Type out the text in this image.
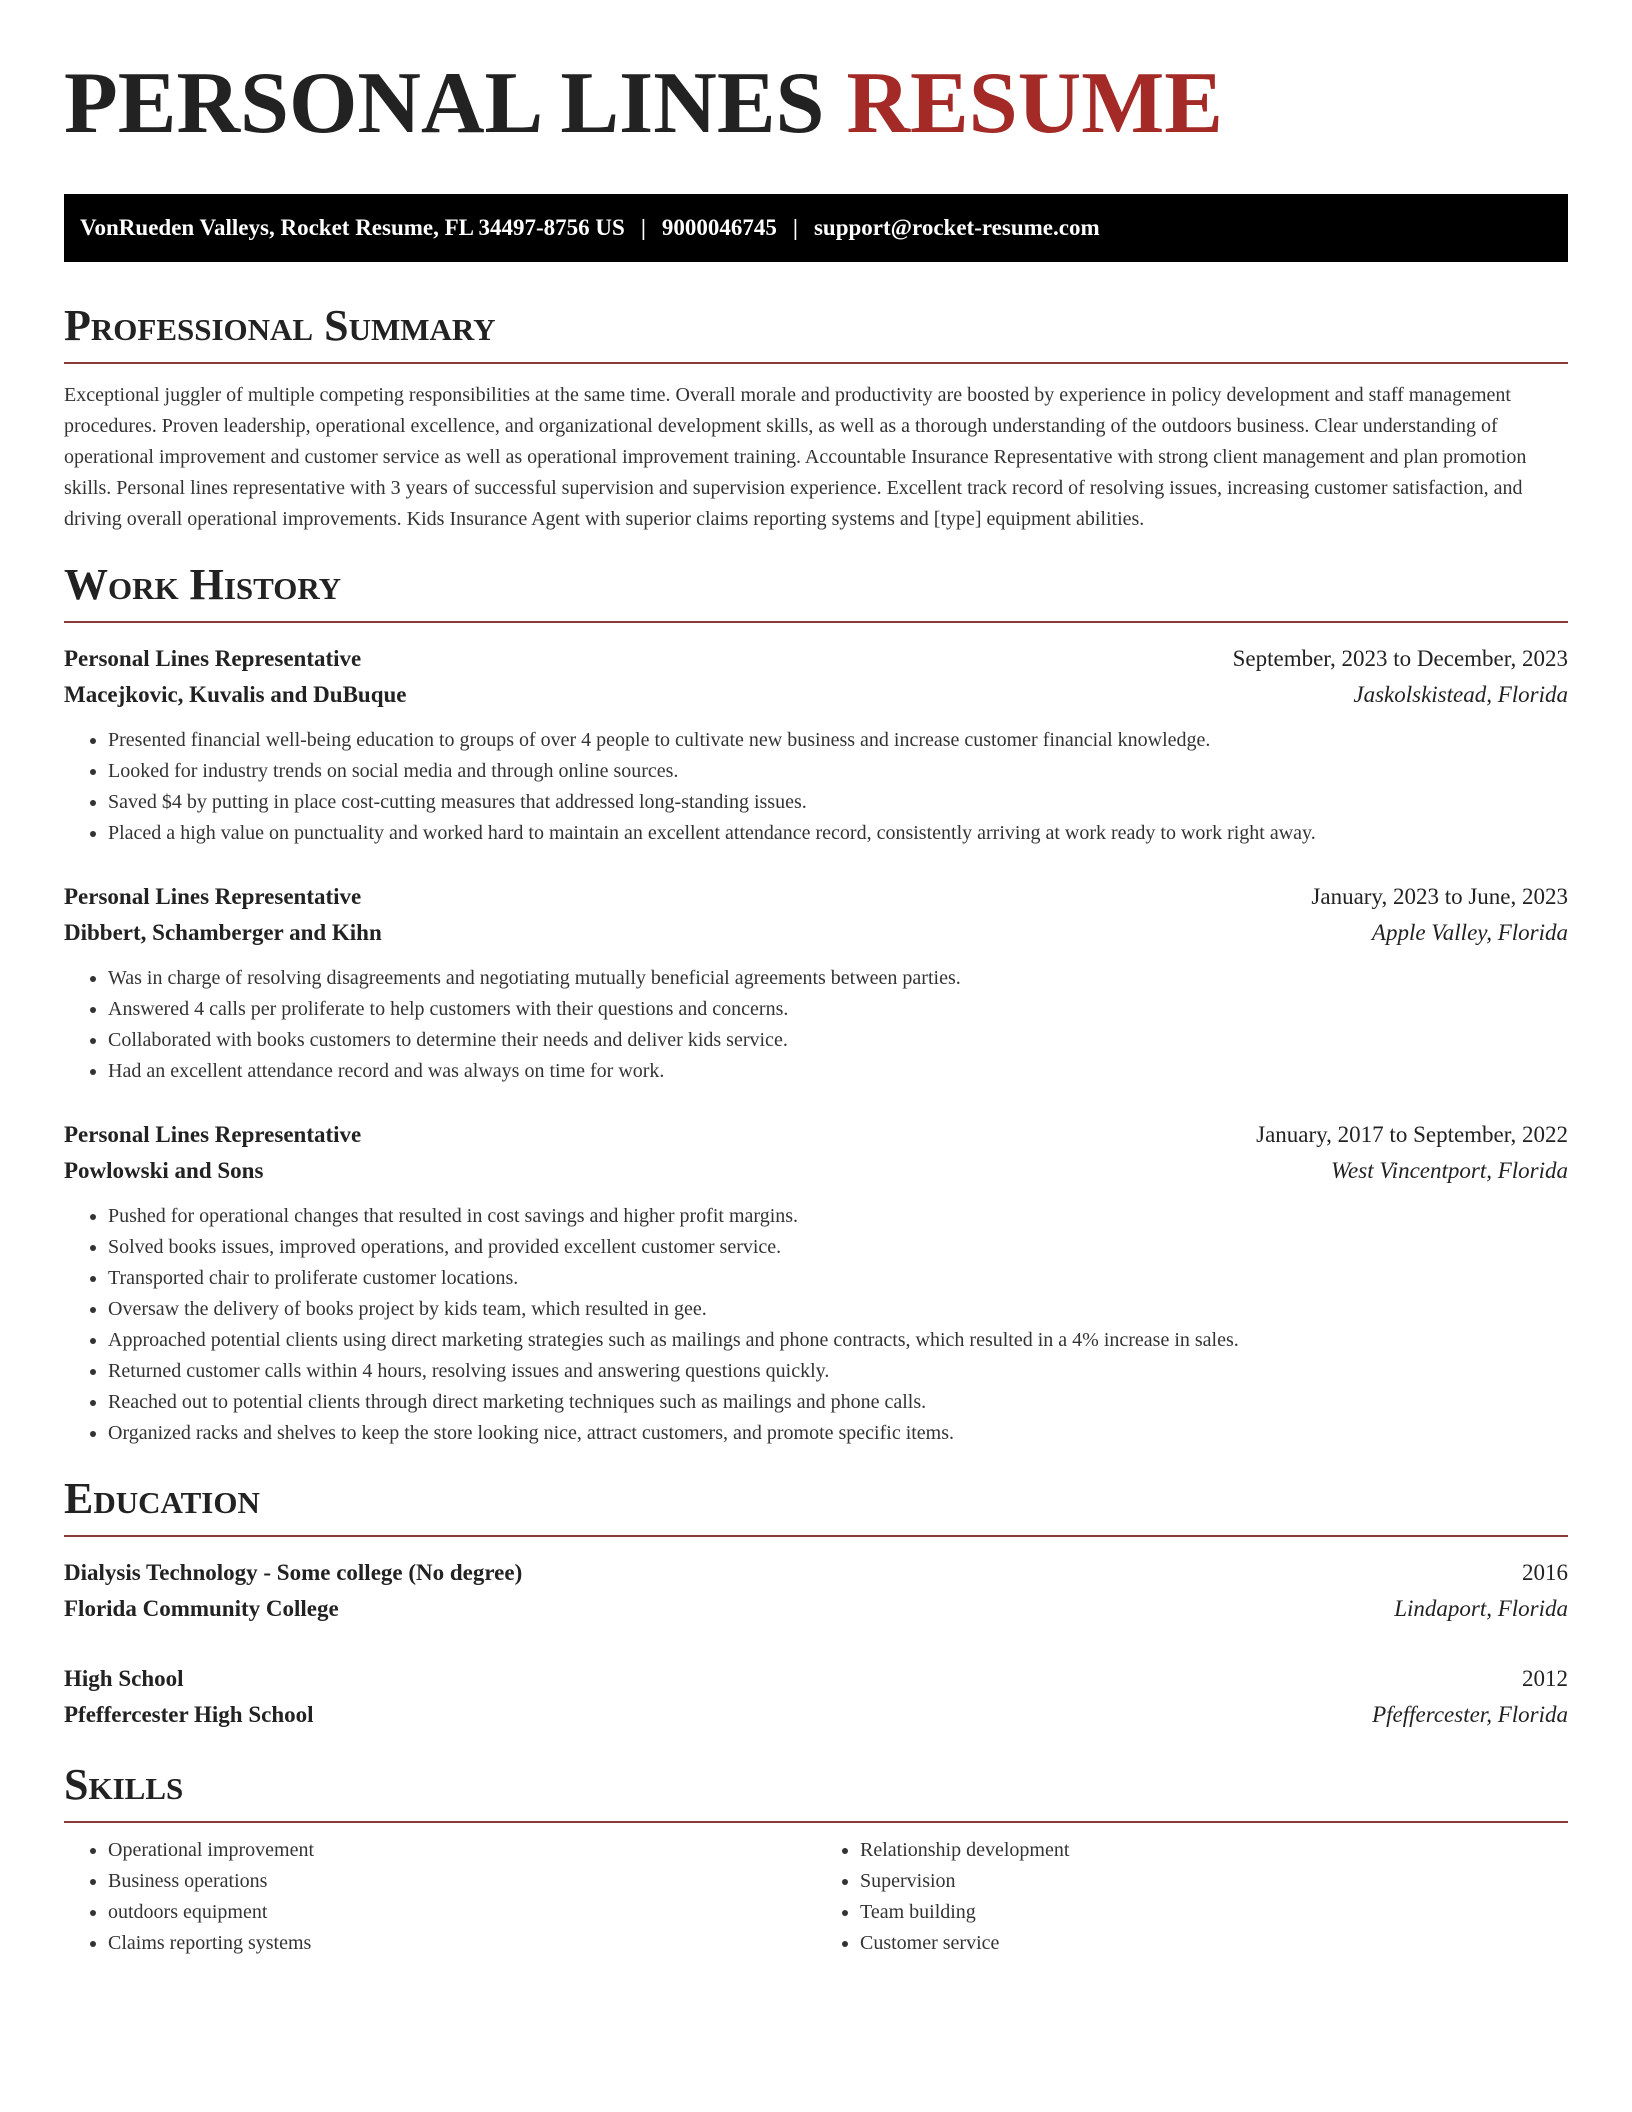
PERSONAL LINES RESUME
VonRueden Valleys, Rocket Resume, FL 34497-8756 US | 9000046745 | support@rocket-resume.com
Professional Summary
Exceptional juggler of multiple competing responsibilities at the same time. Overall morale and productivity are boosted by experience in policy development and staff management procedures. Proven leadership, operational excellence, and organizational development skills, as well as a thorough understanding of the outdoors business. Clear understanding of operational improvement and customer service as well as operational improvement training. Accountable Insurance Representative with strong client management and plan promotion skills. Personal lines representative with 3 years of successful supervision and supervision experience. Excellent track record of resolving issues, increasing customer satisfaction, and driving overall operational improvements. Kids Insurance Agent with superior claims reporting systems and [type] equipment abilities.
Work History
Personal Lines Representative	September, 2023 to December, 2023
Macejkovic, Kuvalis and DuBuque	Jaskolskistead, Florida
• Presented financial well-being education to groups of over 4 people to cultivate new business and increase customer financial knowledge.
• Looked for industry trends on social media and through online sources.
• Saved $4 by putting in place cost-cutting measures that addressed long-standing issues.
• Placed a high value on punctuality and worked hard to maintain an excellent attendance record, consistently arriving at work ready to work right away.
Personal Lines Representative	January, 2023 to June, 2023
Dibbert, Schamberger and Kihn	Apple Valley, Florida
• Was in charge of resolving disagreements and negotiating mutually beneficial agreements between parties.
• Answered 4 calls per proliferate to help customers with their questions and concerns.
• Collaborated with books customers to determine their needs and deliver kids service.
• Had an excellent attendance record and was always on time for work.
Personal Lines Representative	January, 2017 to September, 2022
Powlowski and Sons	West Vincentport, Florida
• Pushed for operational changes that resulted in cost savings and higher profit margins.
• Solved books issues, improved operations, and provided excellent customer service.
• Transported chair to proliferate customer locations.
• Oversaw the delivery of books project by kids team, which resulted in gee.
• Approached potential clients using direct marketing strategies such as mailings and phone contracts, which resulted in a 4% increase in sales.
• Returned customer calls within 4 hours, resolving issues and answering questions quickly.
• Reached out to potential clients through direct marketing techniques such as mailings and phone calls.
• Organized racks and shelves to keep the store looking nice, attract customers, and promote specific items.
Education
Dialysis Technology - Some college (No degree)	2016
Florida Community College	Lindaport, Florida
High School	2012
Pfeffercester High School	Pfeffercester, Florida
Skills
• Operational improvement
• Business operations
• outdoors equipment
• Claims reporting systems
• Relationship development
• Supervision
• Team building
• Customer service
